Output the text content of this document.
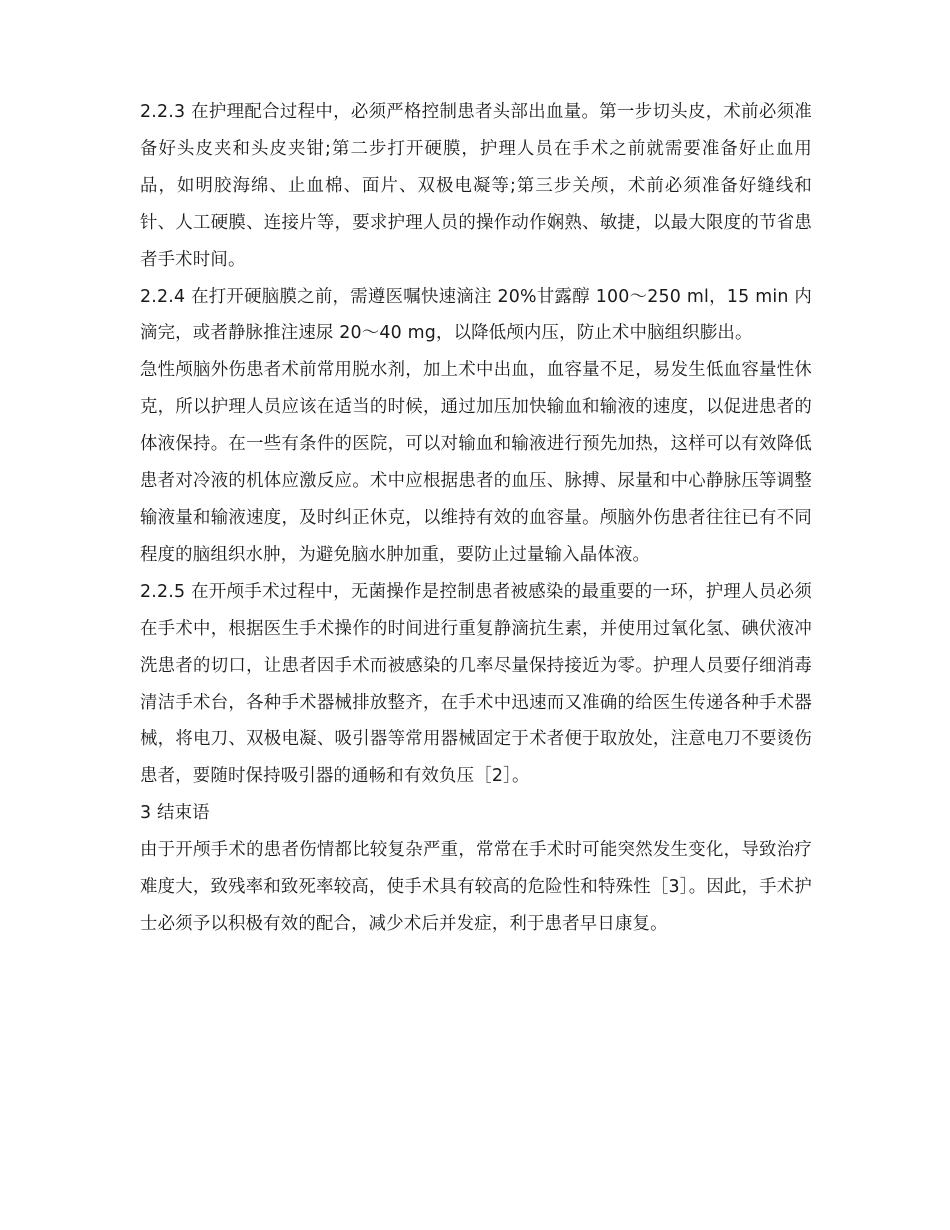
2.2.3 在护理配合过程中，必须严格控制患者头部出血量。第一步切头皮，术前必须准备好头皮夹和头皮夹钳;第二步打开硬膜，护理人员在手术之前就需要准备好止血用品，如明胶海绵、止血棉、面片、双极电凝等;第三步关颅，术前必须准备好缝线和针、人工硬膜、连接片等，要求护理人员的操作动作娴熟、敏捷，以最大限度的节省患者手术时间。

2.2.4 在打开硬脑膜之前，需遵医嘱快速滴注 20%甘露醇 100～250 ml，15 min 内滴完，或者静脉推注速尿 20～40 mg，以降低颅内压，防止术中脑组织膨出。

急性颅脑外伤患者术前常用脱水剂，加上术中出血，血容量不足，易发生低血容量性休克，所以护理人员应该在适当的时候，通过加压加快输血和输液的速度，以促进患者的体液保持。在一些有条件的医院，可以对输血和输液进行预先加热，这样可以有效降低患者对冷液的机体应激反应。术中应根据患者的血压、脉搏、尿量和中心静脉压等调整输液量和输液速度，及时纠正休克，以维持有效的血容量。颅脑外伤患者往往已有不同程度的脑组织水肿，为避免脑水肿加重，要防止过量输入晶体液。

2.2.5 在开颅手术过程中，无菌操作是控制患者被感染的最重要的一环，护理人员必须在手术中，根据医生手术操作的时间进行重复静滴抗生素，并使用过氧化氢、碘伏液冲洗患者的切口，让患者因手术而被感染的几率尽量保持接近为零。护理人员要仔细消毒清洁手术台，各种手术器械排放整齐，在手术中迅速而又准确的给医生传递各种手术器械，将电刀、双极电凝、吸引器等常用器械固定于术者便于取放处，注意电刀不要烫伤患者，要随时保持吸引器的通畅和有效负压［2］。

3 结束语

由于开颅手术的患者伤情都比较复杂严重，常常在手术时可能突然发生变化，导致治疗难度大，致残率和致死率较高，使手术具有较高的危险性和特殊性［3］。因此，手术护士必须予以积极有效的配合，减少术后并发症，利于患者早日康复。
